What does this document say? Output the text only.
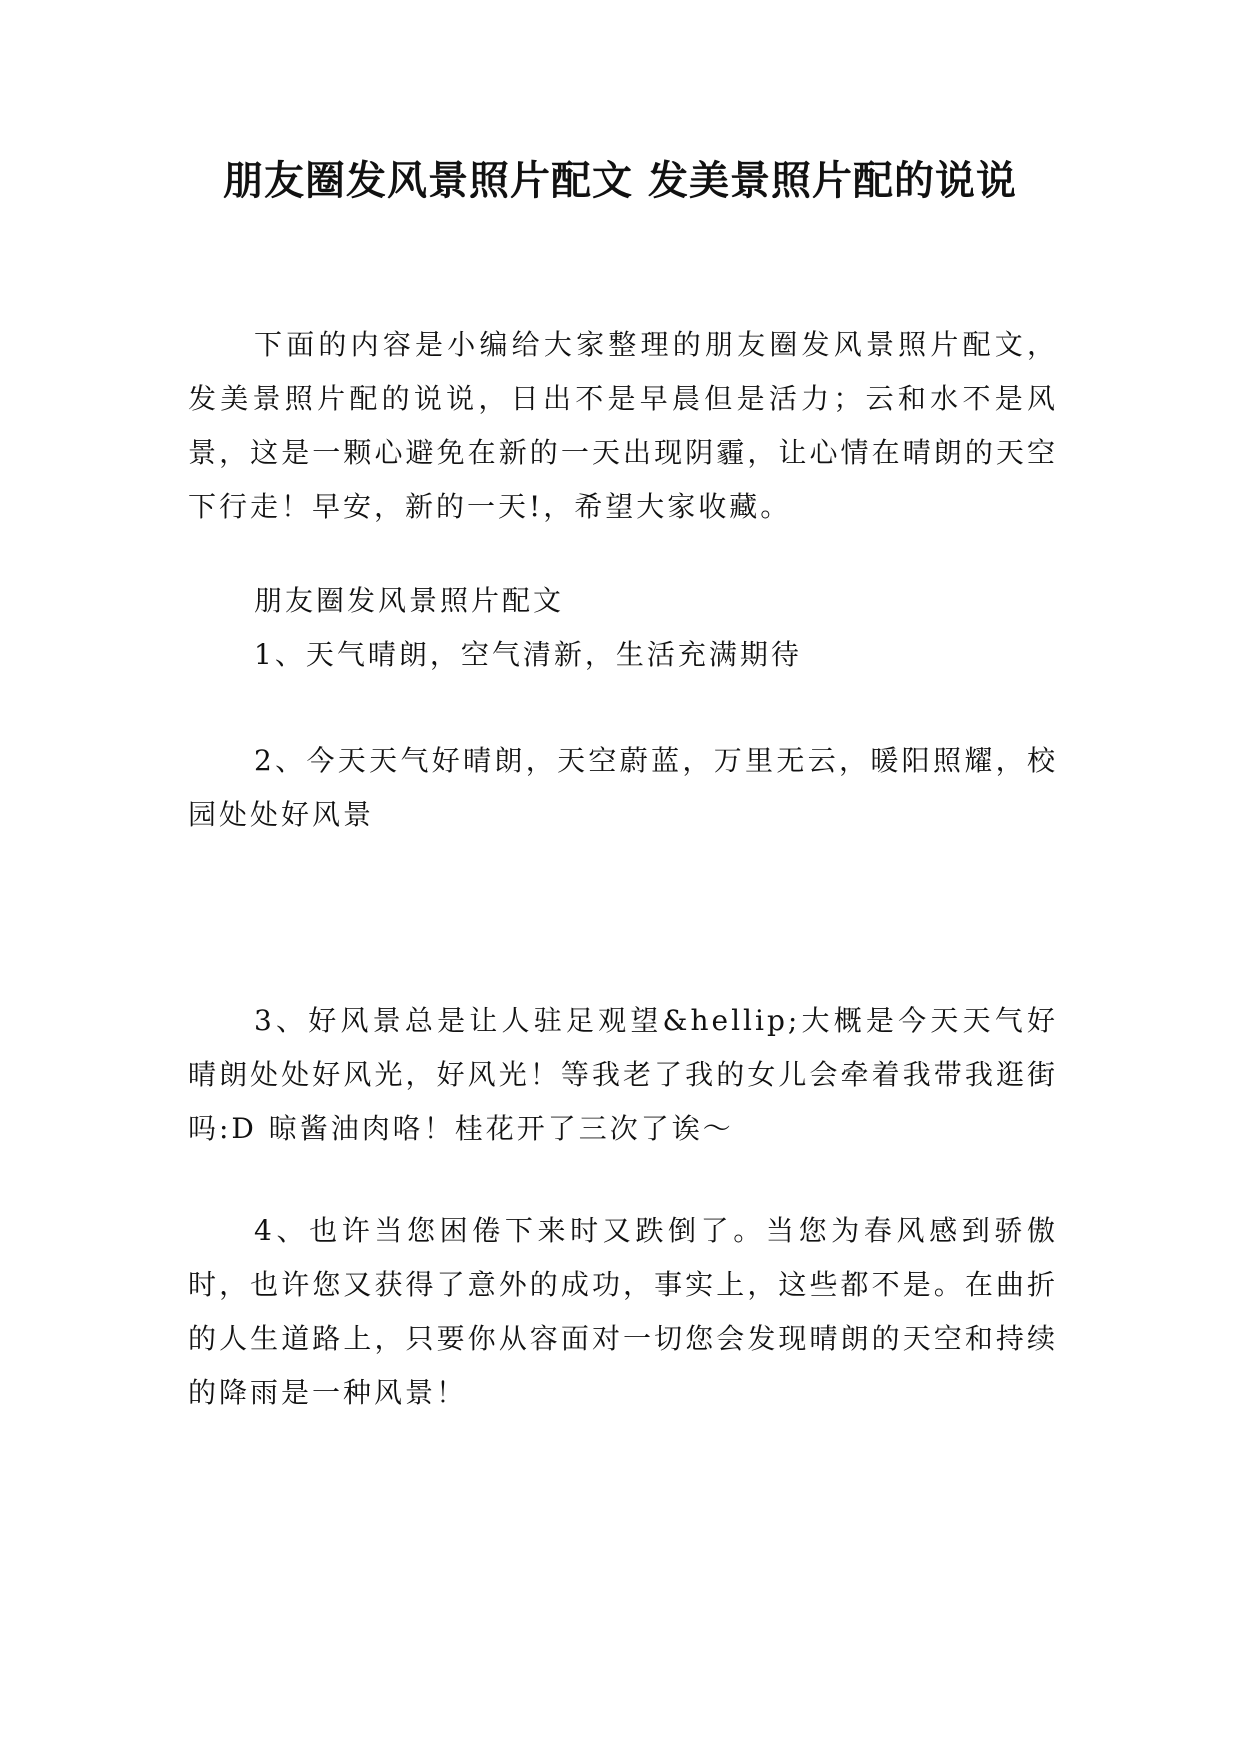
朋友圈发风景照片配文 发美景照片配的说说

下面的内容是小编给大家整理的朋友圈发风景照片配文，发美景照片配的说说，日出不是早晨但是活力；云和水不是风景，这是一颗心避免在新的一天出现阴霾，让心情在晴朗的天空下行走！早安，新的一天!，希望大家收藏。

朋友圈发风景照片配文

1、天气晴朗，空气清新，生活充满期待

2、今天天气好晴朗，天空蔚蓝，万里无云，暖阳照耀，校园处处好风景

3、好风景总是让人驻足观望&hellip;大概是今天天气好晴朗处处好风光，好风光！等我老了我的女儿会牵着我带我逛街吗:D 晾酱油肉咯！桂花开了三次了诶～

4、也许当您困倦下来时又跌倒了。当您为春风感到骄傲时，也许您又获得了意外的成功，事实上，这些都不是。在曲折的人生道路上，只要你从容面对一切您会发现晴朗的天空和持续的降雨是一种风景！
